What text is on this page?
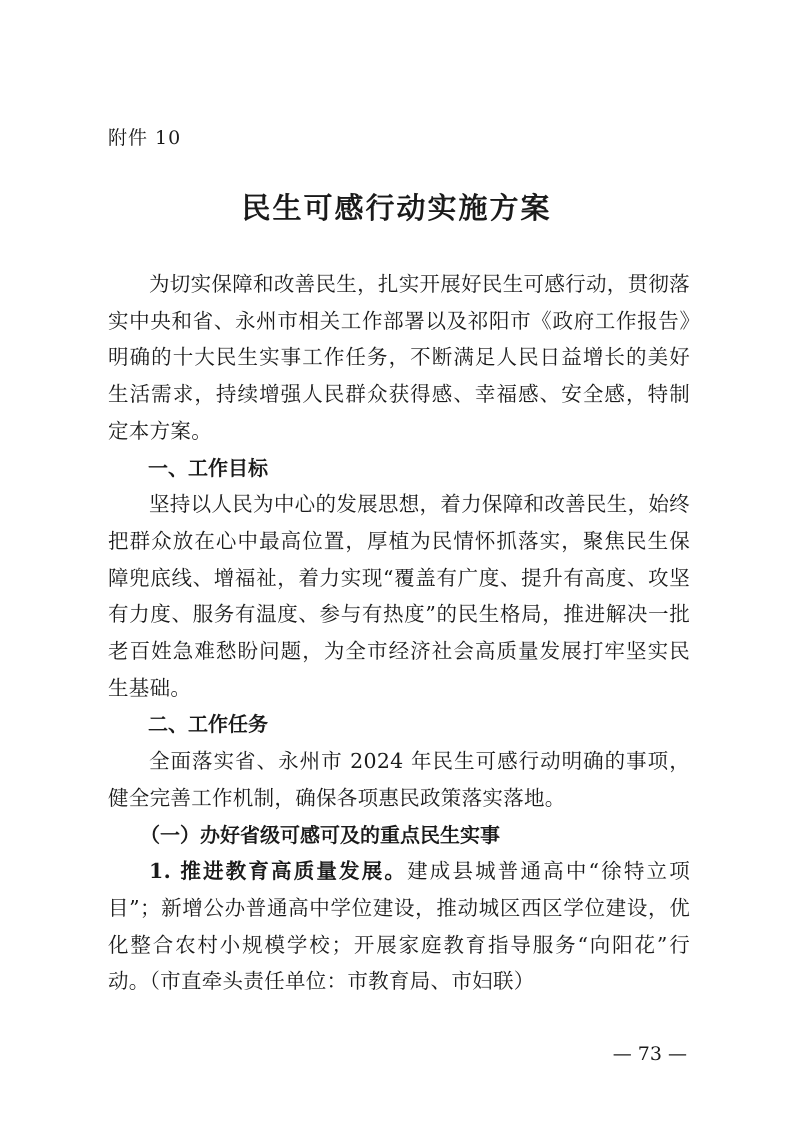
附件 10
民生可感行动实施方案

为切实保障和改善民生，扎实开展好民生可感行动，贯彻落实中央和省、永州市相关工作部署以及祁阳市《政府工作报告》明确的十大民生实事工作任务，不断满足人民日益增长的美好生活需求，持续增强人民群众获得感、幸福感、安全感，特制定本方案。

一、工作目标

坚持以人民为中心的发展思想，着力保障和改善民生，始终把群众放在心中最高位置，厚植为民情怀抓落实，聚焦民生保障兜底线、增福祉，着力实现“覆盖有广度、提升有高度、攻坚有力度、服务有温度、参与有热度”的民生格局，推进解决一批老百姓急难愁盼问题，为全市经济社会高质量发展打牢坚实民生基础。

二、工作任务

全面落实省、永州市 2024 年民生可感行动明确的事项，健全完善工作机制，确保各项惠民政策落实落地。

（一）办好省级可感可及的重点民生实事

1. 推进教育高质量发展。建成县城普通高中“徐特立项目”；新增公办普通高中学位建设，推动城区西区学位建设，优化整合农村小规模学校；开展家庭教育指导服务“向阳花”行动。（市直牵头责任单位：市教育局、市妇联）

— 73 —
